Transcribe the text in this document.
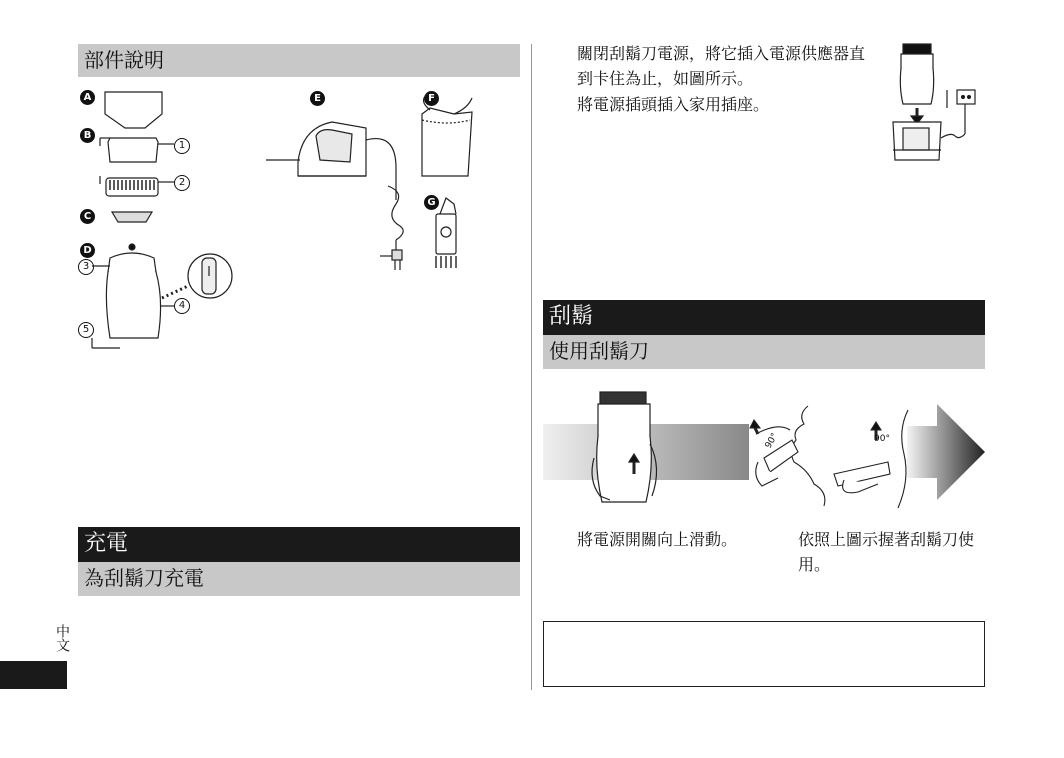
部件說明
A
B
C
D
E	F
G
1
2
3
4
5
充電
為刮鬍刀充電
中文
關閉刮鬍刀電源，將它插入電源供應器直到卡住為止，如圖所示。
將電源插頭插入家用插座。
刮鬍
使用刮鬍刀
90°	90°
將電源開關向上滑動。	依照上圖示握著刮鬍刀使用。
